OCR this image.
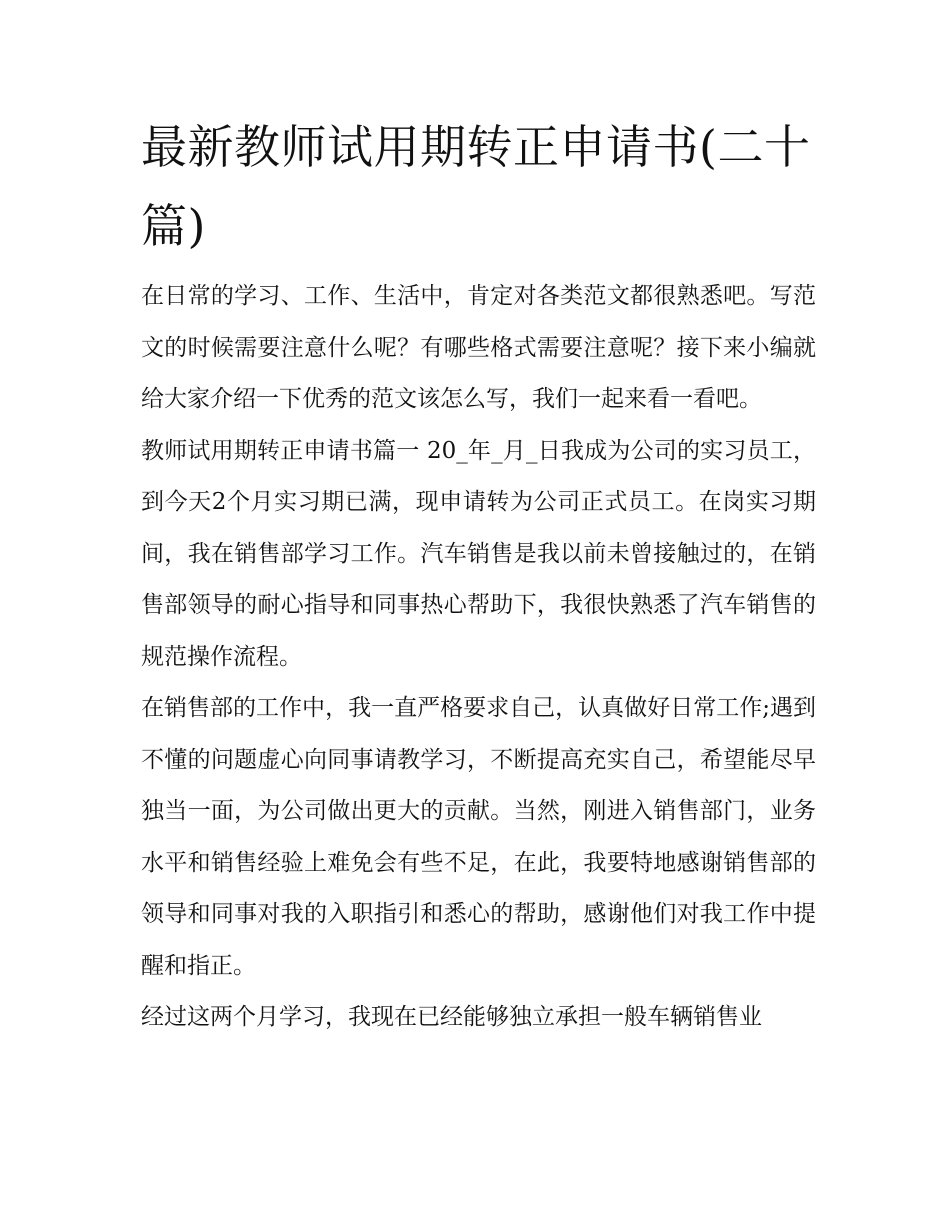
最新教师试用期转正申请书(二十篇)

在日常的学习、工作、生活中，肯定对各类范文都很熟悉吧。写范文的时候需要注意什么呢？有哪些格式需要注意呢？接下来小编就给大家介绍一下优秀的范文该怎么写，我们一起来看一看吧。

教师试用期转正申请书篇一 20_年_月_日我成为公司的实习员工，到今天2个月实习期已满，现申请转为公司正式员工。在岗实习期间，我在销售部学习工作。汽车销售是我以前未曾接触过的，在销售部领导的耐心指导和同事热心帮助下，我很快熟悉了汽车销售的规范操作流程。

在销售部的工作中，我一直严格要求自己，认真做好日常工作;遇到不懂的问题虚心向同事请教学习，不断提高充实自己，希望能尽早独当一面，为公司做出更大的贡献。当然，刚进入销售部门，业务水平和销售经验上难免会有些不足，在此，我要特地感谢销售部的领导和同事对我的入职指引和悉心的帮助，感谢他们对我工作中提醒和指正。

经过这两个月学习，我现在已经能够独立承担一般车辆销售业
